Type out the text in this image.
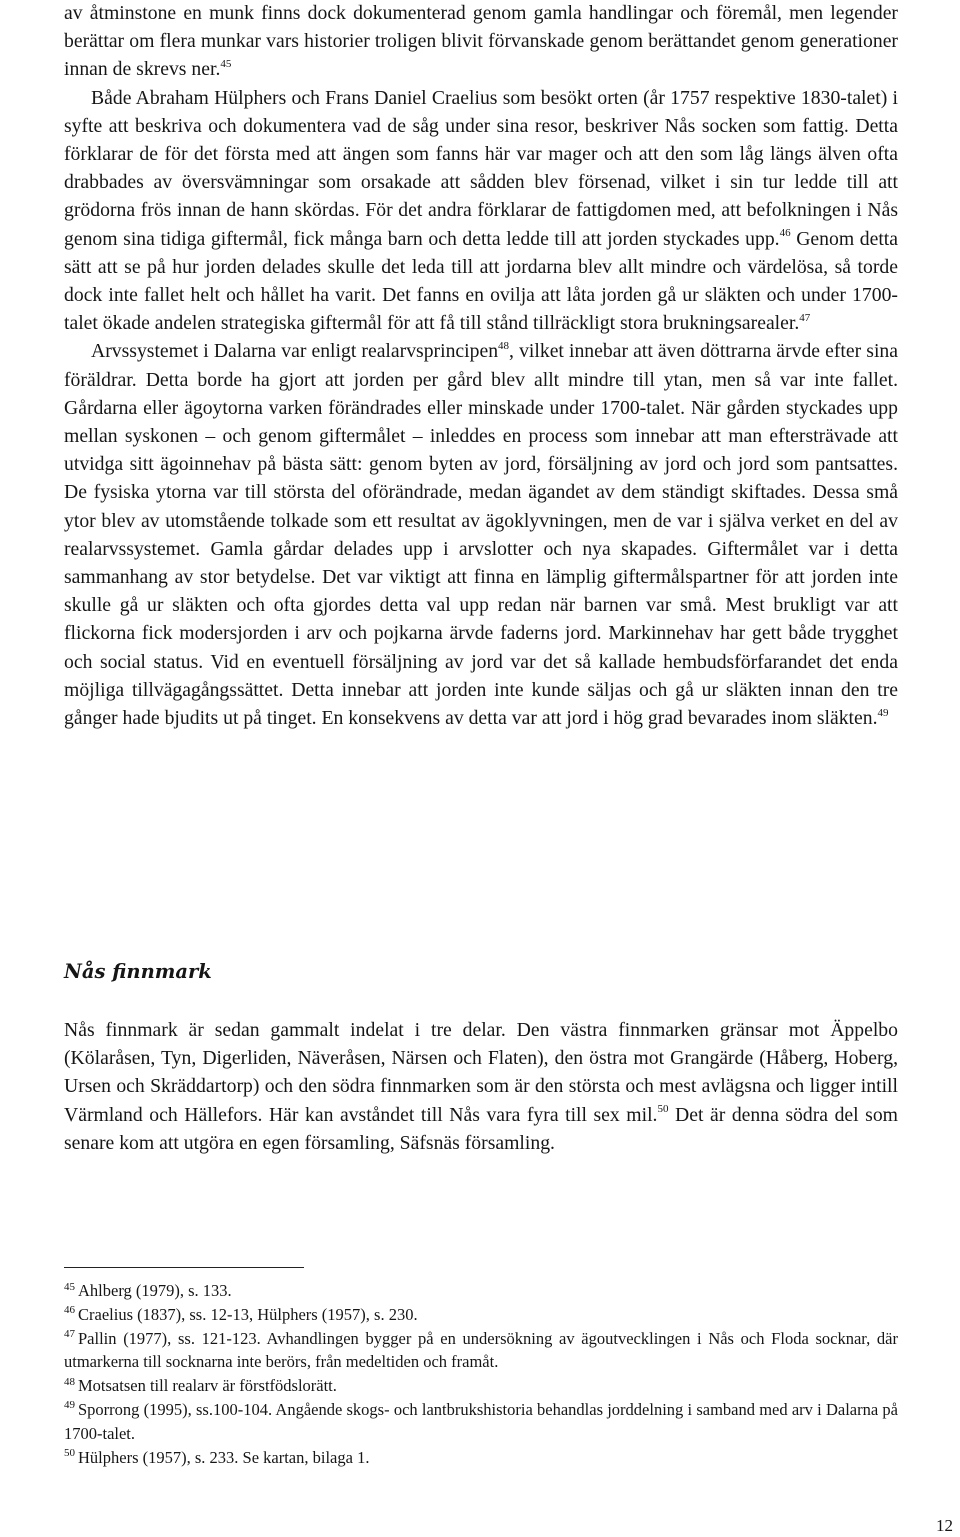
av åtminstone en munk finns dock dokumenterad genom gamla handlingar och föremål, men legender berättar om flera munkar vars historier troligen blivit förvanskade genom berättandet genom generationer innan de skrevs ner.$^{45}$

Både Abraham Hülphers och Frans Daniel Craelius som besökt orten (år 1757 respektive 1830-talet) i syfte att beskriva och dokumentera vad de såg under sina resor, beskriver Nås socken som fattig. Detta förklarar de för det första med att ängen som fanns här var mager och att den som låg längs älven ofta drabbades av översvämningar som orsakade att sådden blev försenad, vilket i sin tur ledde till att grödorna frös innan de hann skördas. För det andra förklarar de fattigdomen med, att befolkningen i Nås genom sina tidiga giftermål, fick många barn och detta ledde till att jorden styckades upp.$^{46}$ Genom detta sätt att se på hur jorden delades skulle det leda till att jordarna blev allt mindre och värdelösa, så torde dock inte fallet helt och hållet ha varit. Det fanns en ovilja att låta jorden gå ur släkten och under 1700-talet ökade andelen strategiska giftermål för att få till stånd tillräckligt stora brukningsarealer.$^{47}$

Arvssystemet i Dalarna var enligt realarvsprincipen$^{48}$, vilket innebar att även döttrarna ärvde efter sina föräldrar. Detta borde ha gjort att jorden per gård blev allt mindre till ytan, men så var inte fallet. Gårdarna eller ägoytorna varken förändrades eller minskade under 1700-talet. När gården styckades upp mellan syskonen – och genom giftermålet – inleddes en process som innebar att man eftersträvade att utvidga sitt ägoinnehav på bästa sätt: genom byten av jord, försäljning av jord och jord som pantsattes. De fysiska ytorna var till största del oförändrade, medan ägandet av dem ständigt skiftades. Dessa små ytor blev av utomstående tolkade som ett resultat av ägoklyvningen, men de var i själva verket en del av realarvssystemet. Gamla gårdar delades upp i arvslotter och nya skapades. Giftermålet var i detta sammanhang av stor betydelse. Det var viktigt att finna en lämplig giftermålspartner för att jorden inte skulle gå ur släkten och ofta gjordes detta val upp redan när barnen var små. Mest brukligt var att flickorna fick modersjorden i arv och pojkarna ärvde faderns jord. Markinnehav har gett både trygghet och social status. Vid en eventuell försäljning av jord var det så kallade hembudsförfarandet det enda möjliga tillvägagångssättet. Detta innebar att jorden inte kunde säljas och gå ur släkten innan den tre gånger hade bjudits ut på tinget. En konsekvens av detta var att jord i hög grad bevarades inom släkten.$^{49}$

Nås finnmark

Nås finnmark är sedan gammalt indelat i tre delar. Den västra finnmarken gränsar mot Äppelbo (Kölaråsen, Tyn, Digerliden, Näveråsen, Närsen och Flaten), den östra mot Grangärde (Håberg, Hoberg, Ursen och Skräddartorp) och den södra finnmarken som är den största och mest avlägsna och ligger intill Värmland och Hällefors. Här kan avståndet till Nås vara fyra till sex mil.$^{50}$ Det är denna södra del som senare kom att utgöra en egen församling, Säfsnäs församling.

$^{45}$ Ahlberg (1979), s. 133.

$^{46}$ Craelius (1837), ss. 12-13, Hülphers (1957), s. 230.

$^{47}$ Pallin (1977), ss. 121-123. Avhandlingen bygger på en undersökning av ägoutvecklingen i Nås och Floda socknar, där utmarkerna till socknarna inte berörs, från medeltiden och framåt.

$^{48}$ Motsatsen till realarv är förstfödslorätt.

$^{49}$ Sporrong (1995), ss.100-104. Angående skogs- och lantbrukshistoria behandlas jorddelning i samband med arv i Dalarna på 1700-talet.

$^{50}$ Hülphers (1957), s. 233. Se kartan, bilaga 1.

12
